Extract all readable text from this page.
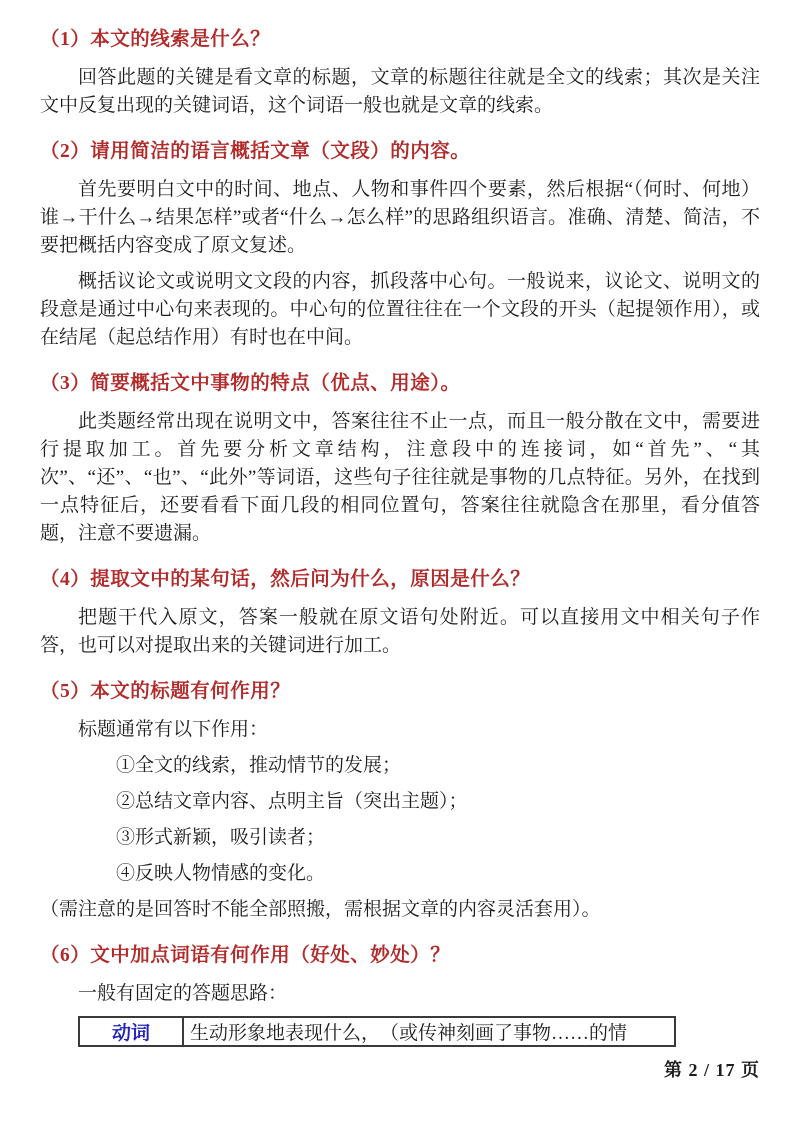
（1）本文的线索是什么？

回答此题的关键是看文章的标题，文章的标题往往就是全文的线索；其次是关注文中反复出现的关键词语，这个词语一般也就是文章的线索。

（2）请用简洁的语言概括文章（文段）的内容。

首先要明白文中的时间、地点、人物和事件四个要素，然后根据“（何时、何地）谁→干什么→结果怎样”或者“什么→怎么样”的思路组织语言。准确、清楚、简洁，不要把概括内容变成了原文复述。

概括议论文或说明文文段的内容，抓段落中心句。一般说来，议论文、说明文的段意是通过中心句来表现的。中心句的位置往往在一个文段的开头（起提领作用），或在结尾（起总结作用）有时也在中间。

（3）简要概括文中事物的特点（优点、用途）。

此类题经常出现在说明文中，答案往往不止一点，而且一般分散在文中，需要进行提取加工。首先要分析文章结构，注意段中的连接词，如“首先”、“其次”、“还”、“也”、“此外”等词语，这些句子往往就是事物的几点特征。另外，在找到一点特征后，还要看看下面几段的相同位置句，答案往往就隐含在那里，看分值答题，注意不要遗漏。

（4）提取文中的某句话，然后问为什么，原因是什么？

把题干代入原文，答案一般就在原文语句处附近。可以直接用文中相关句子作答，也可以对提取出来的关键词进行加工。

（5）本文的标题有何作用？

标题通常有以下作用：

①全文的线索，推动情节的发展；

②总结文章内容、点明主旨（突出主题）；

③形式新颖，吸引读者；

④反映人物情感的变化。

（需注意的是回答时不能全部照搬，需根据文章的内容灵活套用）。

（6）文中加点词语有何作用（好处、妙处）？

一般有固定的答题思路：

动词	生动形象地表现什么，　（或传神刻画了事物……的情
第 2 / 17 页
